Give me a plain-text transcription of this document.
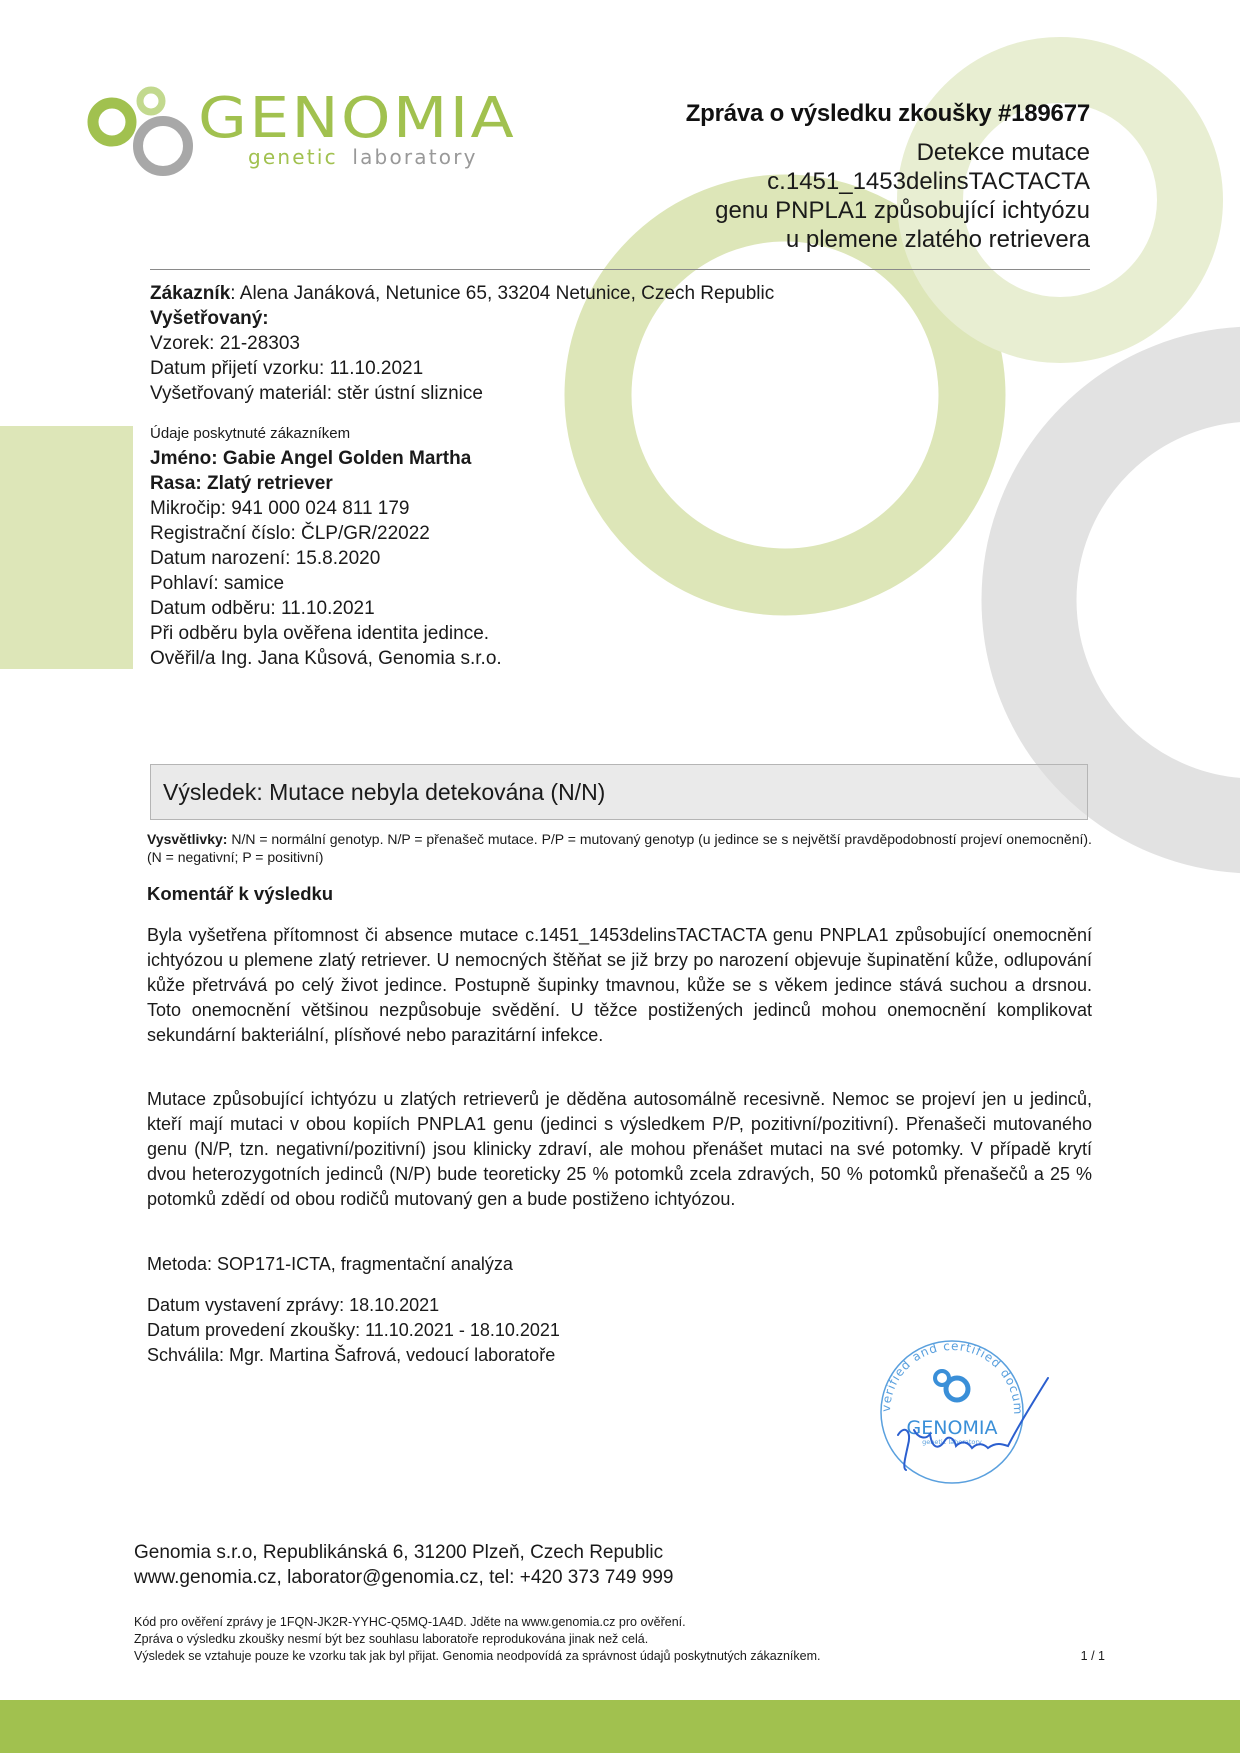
GENOMIA
genetic laboratory
Zpráva o výsledku zkoušky #189677
Detekce mutace
c.1451_1453delinsTACTACTA
genu PNPLA1 způsobující ichtyózu
u plemene zlatého retrievera
Zákazník: Alena Janáková, Netunice 65, 33204 Netunice, Czech Republic
Vyšetřovaný:
Vzorek: 21-28303
Datum přijetí vzorku: 11.10.2021
Vyšetřovaný materiál: stěr ústní sliznice
Údaje poskytnuté zákazníkem
Jméno: Gabie Angel Golden Martha
Rasa: Zlatý retriever
Mikročip: 941 000 024 811 179
Registrační číslo: ČLP/GR/22022
Datum narození: 15.8.2020
Pohlaví: samice
Datum odběru: 11.10.2021
Při odběru byla ověřena identita jedince.
Ověřil/a Ing. Jana Kůsová, Genomia s.r.o.
Výsledek: Mutace nebyla detekována (N/N)
Vysvětlivky: N/N = normální genotyp. N/P = přenašeč mutace. P/P = mutovaný genotyp (u jedince se s největší pravděpodobností projeví onemocnění). (N = negativní; P = positivní)
Komentář k výsledku
Byla vyšetřena přítomnost či absence mutace c.1451_1453delinsTACTACTA genu PNPLA1 způsobující onemocnění ichtyózou u plemene zlatý retriever. U nemocných štěňat se již brzy po narození objevuje šupinatění kůže, odlupování kůže přetrvává po celý život jedince. Postupně šupinky tmavnou, kůže se s věkem jedince stává suchou a drsnou. Toto onemocnění většinou nezpůsobuje svědění. U těžce postižených jedinců mohou onemocnění komplikovat sekundární bakteriální, plísňové nebo parazitární infekce.
Mutace způsobující ichtyózu u zlatých retrieverů je děděna autosomálně recesivně. Nemoc se projeví jen u jedinců, kteří mají mutaci v obou kopiích PNPLA1 genu (jedinci s výsledkem P/P, pozitivní/pozitivní). Přenašeči mutovaného genu (N/P, tzn. negativní/pozitivní) jsou klinicky zdraví, ale mohou přenášet mutaci na své potomky. V případě krytí dvou heterozygotních jedinců (N/P) bude teoreticky 25 % potomků zcela zdravých, 50 % potomků přenašečů a 25 % potomků zdědí od obou rodičů mutovaný gen a bude postiženo ichtyózou.
Metoda: SOP171-ICTA, fragmentační analýza
Datum vystavení zprávy: 18.10.2021
Datum provedení zkoušky: 11.10.2021 - 18.10.2021
Schválila: Mgr. Martina Šafrová, vedoucí laboratoře
verified and certified docum
GENOMIA
genetic laboratory
Genomia s.r.o, Republikánská 6, 31200 Plzeň, Czech Republic
www.genomia.cz, laborator@genomia.cz, tel: +420 373 749 999
Kód pro ověření zprávy je 1FQN-JK2R-YYHC-Q5MQ-1A4D. Jděte na www.genomia.cz pro ověření.
Zpráva o výsledku zkoušky nesmí být bez souhlasu laboratoře reprodukována jinak než celá.
Výsledek se vztahuje pouze ke vzorku tak jak byl přijat. Genomia neodpovídá za správnost údajů poskytnutých zákazníkem.	1 / 1
